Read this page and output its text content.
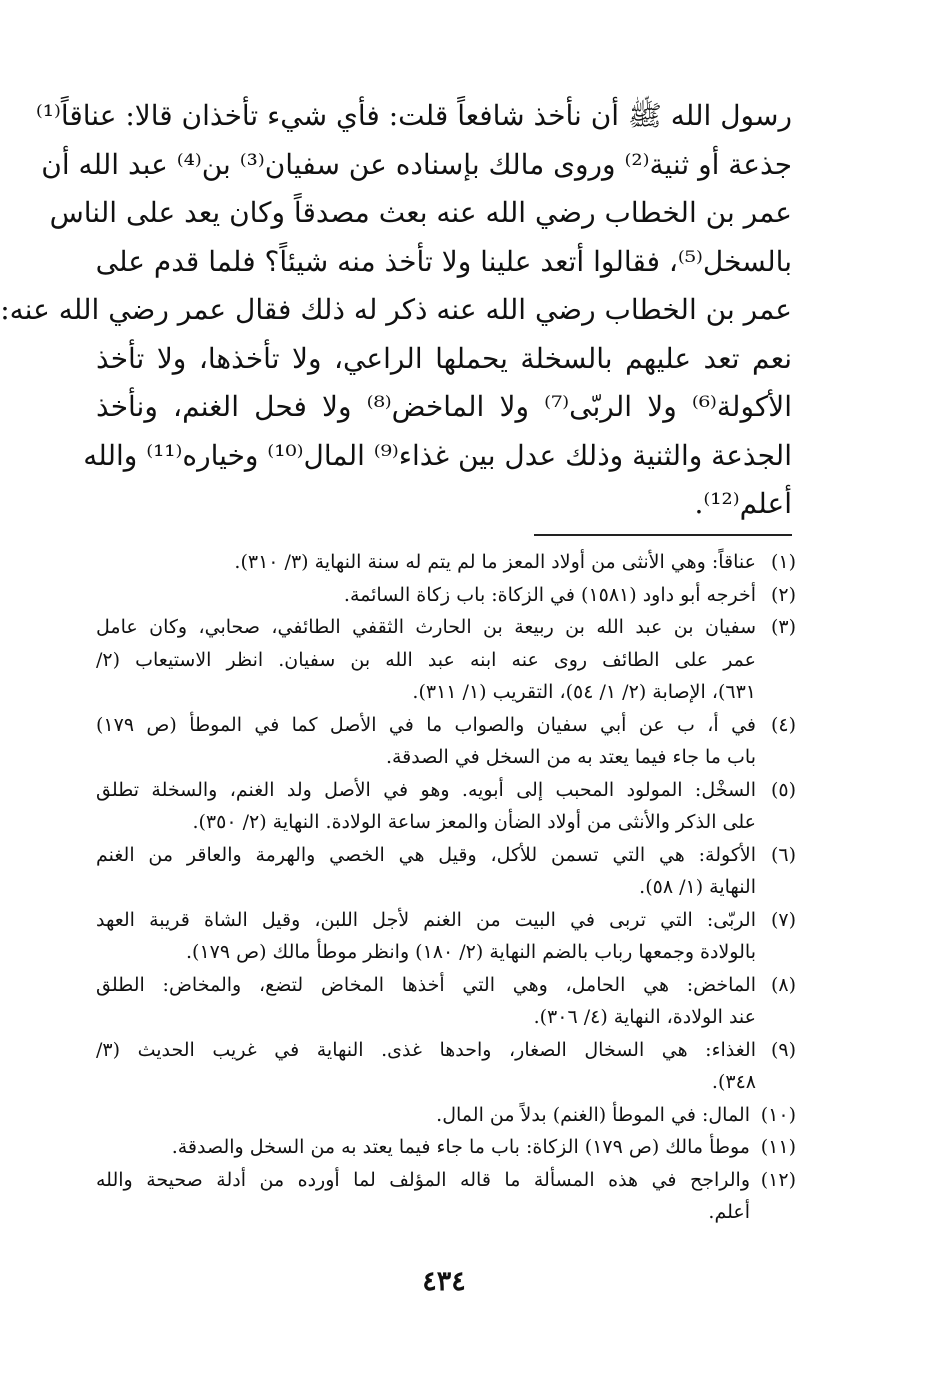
رسول الله ﷺ أن نأخذ شافعاً قلت: فأي شيء تأخذان قالا: عناقاً⁽¹⁾
جذعة أو ثنية⁽²⁾ وروى مالك بإسناده عن سفيان⁽³⁾ بن⁽⁴⁾ عبد الله أن
عمر بن الخطاب رضي الله عنه بعث مصدقاً وكان يعد على الناس
بالسخل⁽⁵⁾، فقالوا أتعد علينا ولا تأخذ منه شيئاً؟ فلما قدم على
عمر بن الخطاب رضي الله عنه ذكر له ذلك فقال عمر رضي الله عنه:
نعم تعد عليهم بالسخلة يحملها الراعي، ولا تأخذها، ولا تأخذ
الأكولة⁽⁶⁾ ولا الربّى⁽⁷⁾ ولا الماخض⁽⁸⁾ ولا فحل الغنم، ونأخذ
الجذعة والثنية وذلك عدل بين غذاء⁽⁹⁾ المال⁽¹⁰⁾ وخياره⁽¹¹⁾ والله
أعلم⁽¹²⁾.
(١)
عناقاً: وهي الأنثى من أولاد المعز ما لم يتم له سنة النهاية (٣/ ٣١٠).
(٢)
أخرجه أبو داود (١٥٨١) في الزكاة: باب زكاة السائمة.
(٣)
سفيان بن عبد الله بن ربيعة بن الحارث الثقفي الطائفي، صحابي، وكان عامل
عمر على الطائف روى عنه ابنه عبد الله بن سفيان. انظر الاستيعاب (٢/
٦٣١)، الإصابة (٢/ ١/ ٥٤)، التقريب (١/ ٣١١).
(٤)
في أ، ب عن أبي سفيان والصواب ما في الأصل كما في الموطأ (ص ١٧٩)
باب ما جاء فيما يعتد به من السخل في الصدقة.
(٥)
السخْل: المولود المحبب إلى أبويه. وهو في الأصل ولد الغنم، والسخلة تطلق
على الذكر والأنثى من أولاد الضأن والمعز ساعة الولادة. النهاية (٢/ ٣٥٠).
(٦)
الأكولة: هي التي تسمن للأكل، وقيل هي الخصي والهرمة والعاقر من الغنم
النهاية (١/ ٥٨).
(٧)
الربّى: التي تربى في البيت من الغنم لأجل اللبن، وقيل الشاة قريبة العهد
بالولادة وجمعها رباب بالضم النهاية (٢/ ١٨٠) وانظر موطأ مالك (ص ١٧٩).
(٨)
الماخض: هي الحامل، وهي التي أخذها المخاض لتضع، والمخاض: الطلق
عند الولادة، النهاية (٤/ ٣٠٦).
(٩)
الغذاء: هي السخال الصغار، واحدها غذى. النهاية في غريب الحديث (٣/
٣٤٨).
(١٠)
المال: في الموطأ (الغنم) بدلاً من المال.
(١١)
موطأ مالك (ص ١٧٩) الزكاة: باب ما جاء فيما يعتد به من السخل والصدقة.
(١٢)
والراجح في هذه المسألة ما قاله المؤلف لما أورده من أدلة صحيحة والله
أعلم.
٤٣٤
